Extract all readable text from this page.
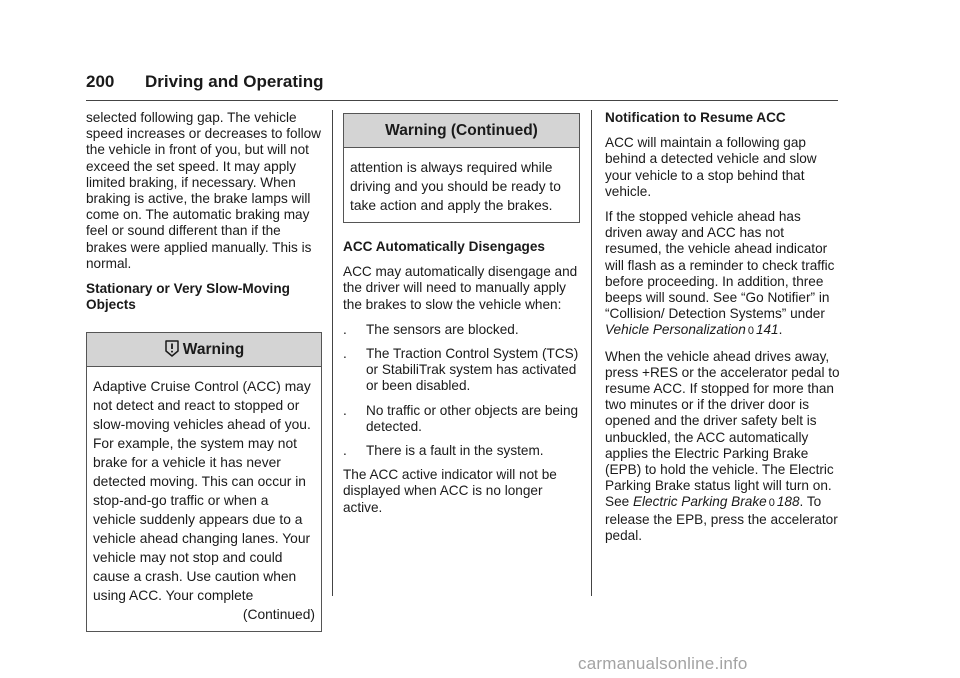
200 Driving and Operating

selected following gap. The vehicle speed increases or decreases to follow the vehicle in front of you, but will not exceed the set speed. It may apply limited braking, if necessary. When braking is active, the brake lamps will come on. The automatic braking may feel or sound different than if the brakes were applied manually. This is normal.

Stationary or Very Slow-Moving Objects

Warning
Adaptive Cruise Control (ACC) may not detect and react to stopped or slow-moving vehicles ahead of you. For example, the system may not brake for a vehicle it has never detected moving. This can occur in stop-and-go traffic or when a vehicle suddenly appears due to a vehicle ahead changing lanes. Your vehicle may not stop and could cause a crash. Use caution when using ACC. Your complete
(Continued)
Warning (Continued)
attention is always required while driving and you should be ready to take action and apply the brakes.

ACC Automatically Disengages

ACC may automatically disengage and the driver will need to manually apply the brakes to slow the vehicle when:

. The sensors are blocked.
. The Traction Control System (TCS) or StabiliTrak system has activated or been disabled.
. No traffic or other objects are being detected.
. There is a fault in the system.

The ACC active indicator will not be displayed when ACC is no longer active.

Notification to Resume ACC

ACC will maintain a following gap behind a detected vehicle and slow your vehicle to a stop behind that vehicle.

If the stopped vehicle ahead has driven away and ACC has not resumed, the vehicle ahead indicator will flash as a reminder to check traffic before proceeding. In addition, three beeps will sound. See “Go Notifier” in “Collision/ Detection Systems” under Vehicle Personalization 0 141.

When the vehicle ahead drives away, press +RES or the accelerator pedal to resume ACC. If stopped for more than two minutes or if the driver door is opened and the driver safety belt is unbuckled, the ACC automatically applies the Electric Parking Brake (EPB) to hold the vehicle. The Electric Parking Brake status light will turn on. See Electric Parking Brake 0 188. To release the EPB, press the accelerator pedal.

carmanualsonline.info
